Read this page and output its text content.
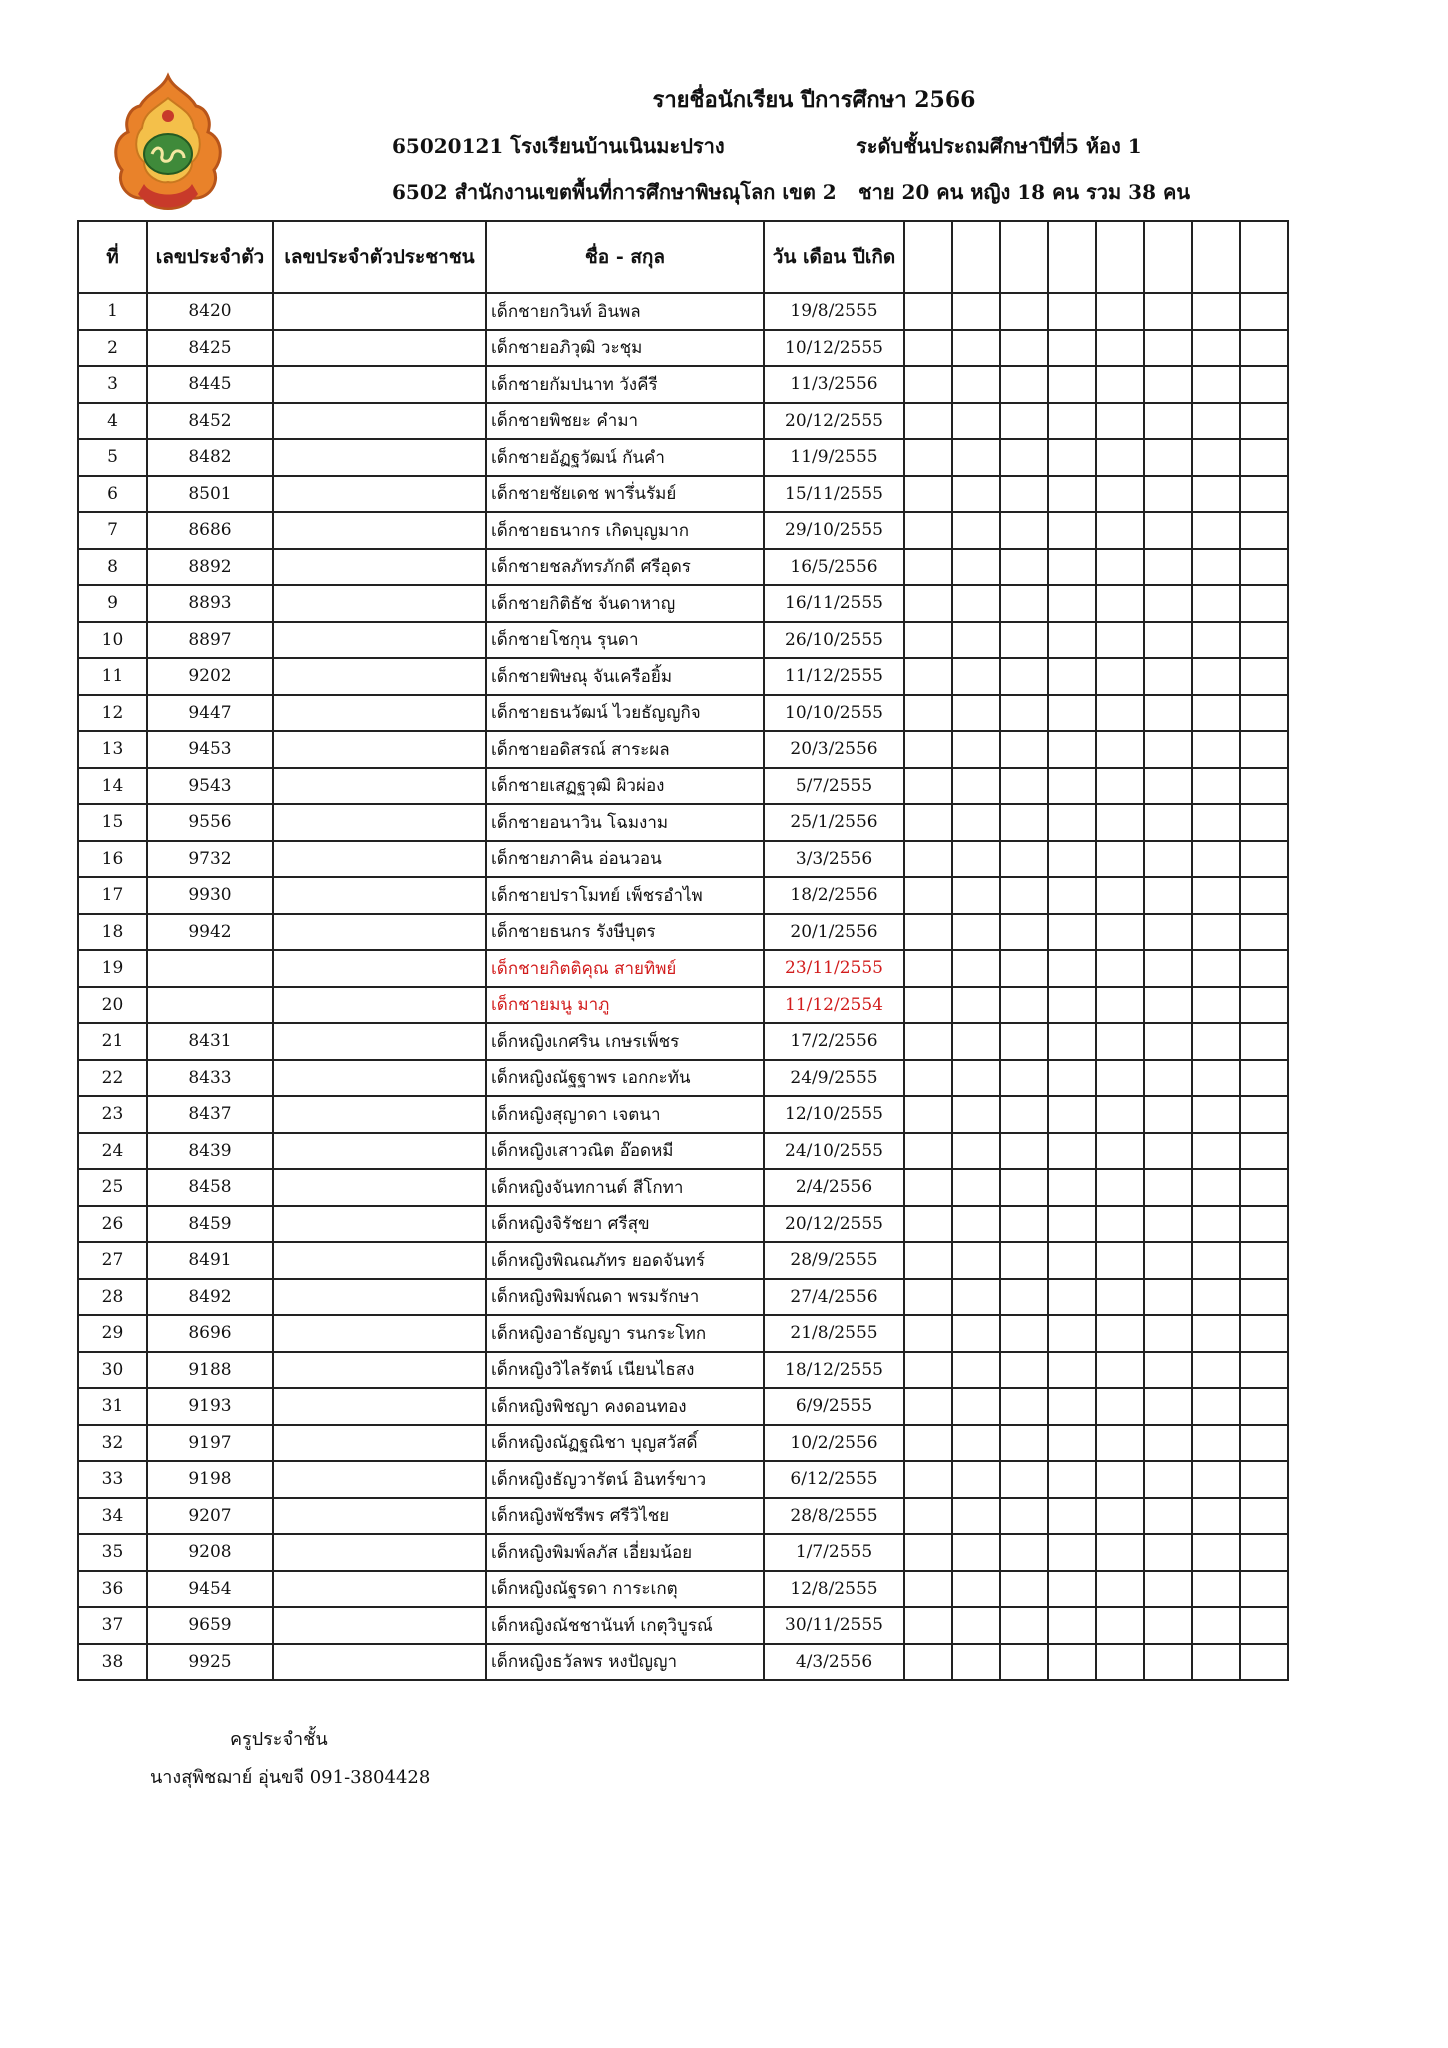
รายชื่อนักเรียน ปีการศึกษา 2566
65020121 โรงเรียนบ้านเนินมะปราง	ระดับชั้นประถมศึกษาปีที่5 ห้อง 1
6502 สำนักงานเขตพื้นที่การศึกษาพิษณุโลก เขต 2 ชาย 20 คน หญิง 18 คน รวม 38 คน
ที่	เลขประจำตัว	เลขประจำตัวประชาชน	ชื่อ - สกุล	วัน เดือน ปีเกิด								
1	8420		เด็กชายกวินท์ อินพล	19/8/2555								
2	8425		เด็กชายอภิวุฒิ วะชุม	10/12/2555								
3	8445		เด็กชายกัมปนาท วังคีรี	11/3/2556								
4	8452		เด็กชายพิชยะ คำมา	20/12/2555								
5	8482		เด็กชายอัฏฐวัฒน์ กันคำ	11/9/2555								
6	8501		เด็กชายชัยเดช พารึ่นรัมย์	15/11/2555								
7	8686		เด็กชายธนากร เกิดบุญมาก	29/10/2555								
8	8892		เด็กชายชลภัทรภักดี ศรีอุดร	16/5/2556								
9	8893		เด็กชายกิติธัช จันดาหาญ	16/11/2555								
10	8897		เด็กชายโชกุน รุนดา	26/10/2555								
11	9202		เด็กชายพิษณุ จันเครือยิ้ม	11/12/2555								
12	9447		เด็กชายธนวัฒน์ ไวยธัญญกิจ	10/10/2555								
13	9453		เด็กชายอดิสรณ์ สาระผล	20/3/2556								
14	9543		เด็กชายเสฏฐวุฒิ ผิวผ่อง	5/7/2555								
15	9556		เด็กชายอนาวิน โฉมงาม	25/1/2556								
16	9732		เด็กชายภาคิน อ่อนวอน	3/3/2556								
17	9930		เด็กชายปราโมทย์ เพ็ชรอำไพ	18/2/2556								
18	9942		เด็กชายธนกร รังษีบุตร	20/1/2556								
19			เด็กชายกิตติคุณ สายทิพย์	23/11/2555								
20			เด็กชายมนู มาภู	11/12/2554								
21	8431		เด็กหญิงเกศริน เกษรเพ็ชร	17/2/2556								
22	8433		เด็กหญิงณัฐฐาพร เอกกะทัน	24/9/2555								
23	8437		เด็กหญิงสุญาดา เจตนา	12/10/2555								
24	8439		เด็กหญิงเสาวณิต อ๊อดหมี	24/10/2555								
25	8458		เด็กหญิงจันทกานต์ สีโกทา	2/4/2556								
26	8459		เด็กหญิงจิรัชยา ศรีสุข	20/12/2555								
27	8491		เด็กหญิงพิณณภัทร ยอดจันทร์	28/9/2555								
28	8492		เด็กหญิงพิมพ์ณดา พรมรักษา	27/4/2556								
29	8696		เด็กหญิงอาธัญญา รนกระโทก	21/8/2555								
30	9188		เด็กหญิงวิไลรัตน์ เนียนไธสง	18/12/2555								
31	9193		เด็กหญิงพิชญา คงดอนทอง	6/9/2555								
32	9197		เด็กหญิงณัฏฐณิชา บุญสวัสดิ์	10/2/2556								
33	9198		เด็กหญิงธัญวารัตน์ อินทร์ขาว	6/12/2555								
34	9207		เด็กหญิงพัชรีพร ศรีวิไชย	28/8/2555								
35	9208		เด็กหญิงพิมพ์ลภัส เอี่ยมน้อย	1/7/2555								
36	9454		เด็กหญิงณัฐรดา การะเกตุ	12/8/2555								
37	9659		เด็กหญิงณัชชานันท์ เกตุวิบูรณ์	30/11/2555								
38	9925		เด็กหญิงธวัลพร หงปัญญา	4/3/2556								
ครูประจำชั้น
นางสุพิชฌาย์ อุ่นขจี 091-3804428
